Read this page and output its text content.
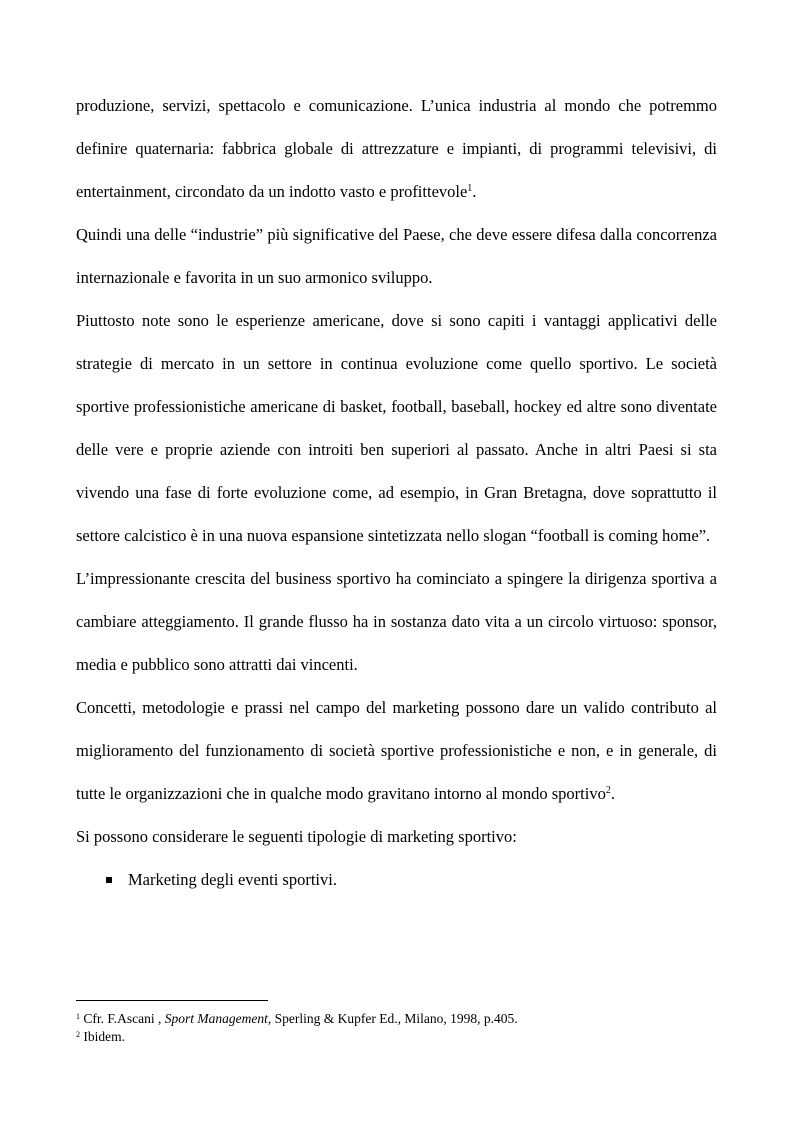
produzione, servizi, spettacolo e comunicazione. L’unica industria al mondo che potremmo definire quaternaria: fabbrica globale di attrezzature e impianti, di programmi televisivi, di entertainment, circondato da un indotto vasto e profittevole$^1$.

Quindi una delle “industrie” più significative del Paese, che deve essere difesa dalla concorrenza internazionale e favorita in un suo armonico sviluppo.

Piuttosto note sono le esperienze americane, dove si sono capiti i vantaggi applicativi delle strategie di mercato in un settore in continua evoluzione come quello sportivo. Le società sportive professionistiche americane di basket, football, baseball, hockey ed altre sono diventate delle vere e proprie aziende con introiti ben superiori al passato. Anche in altri Paesi si sta vivendo una fase di forte evoluzione come, ad esempio, in Gran Bretagna, dove soprattutto il settore calcistico è in una nuova espansione sintetizzata nello slogan “football is coming home”.

L’impressionante crescita del business sportivo ha cominciato a spingere la dirigenza sportiva a cambiare atteggiamento. Il grande flusso ha in sostanza dato vita a un circolo virtuoso: sponsor, media e pubblico sono attratti dai vincenti.

Concetti, metodologie e prassi nel campo del marketing possono dare un valido contributo al miglioramento del funzionamento di società sportive professionistiche e non, e in generale, di tutte le organizzazioni che in qualche modo gravitano intorno al mondo sportivo$^2$.

Si possono considerare le seguenti tipologie di marketing sportivo:

Marketing degli eventi sportivi.

$^1$ Cfr. F.Ascani , Sport Management, Sperling & Kupfer Ed., Milano, 1998, p.405.

$^2$ Ibidem.
